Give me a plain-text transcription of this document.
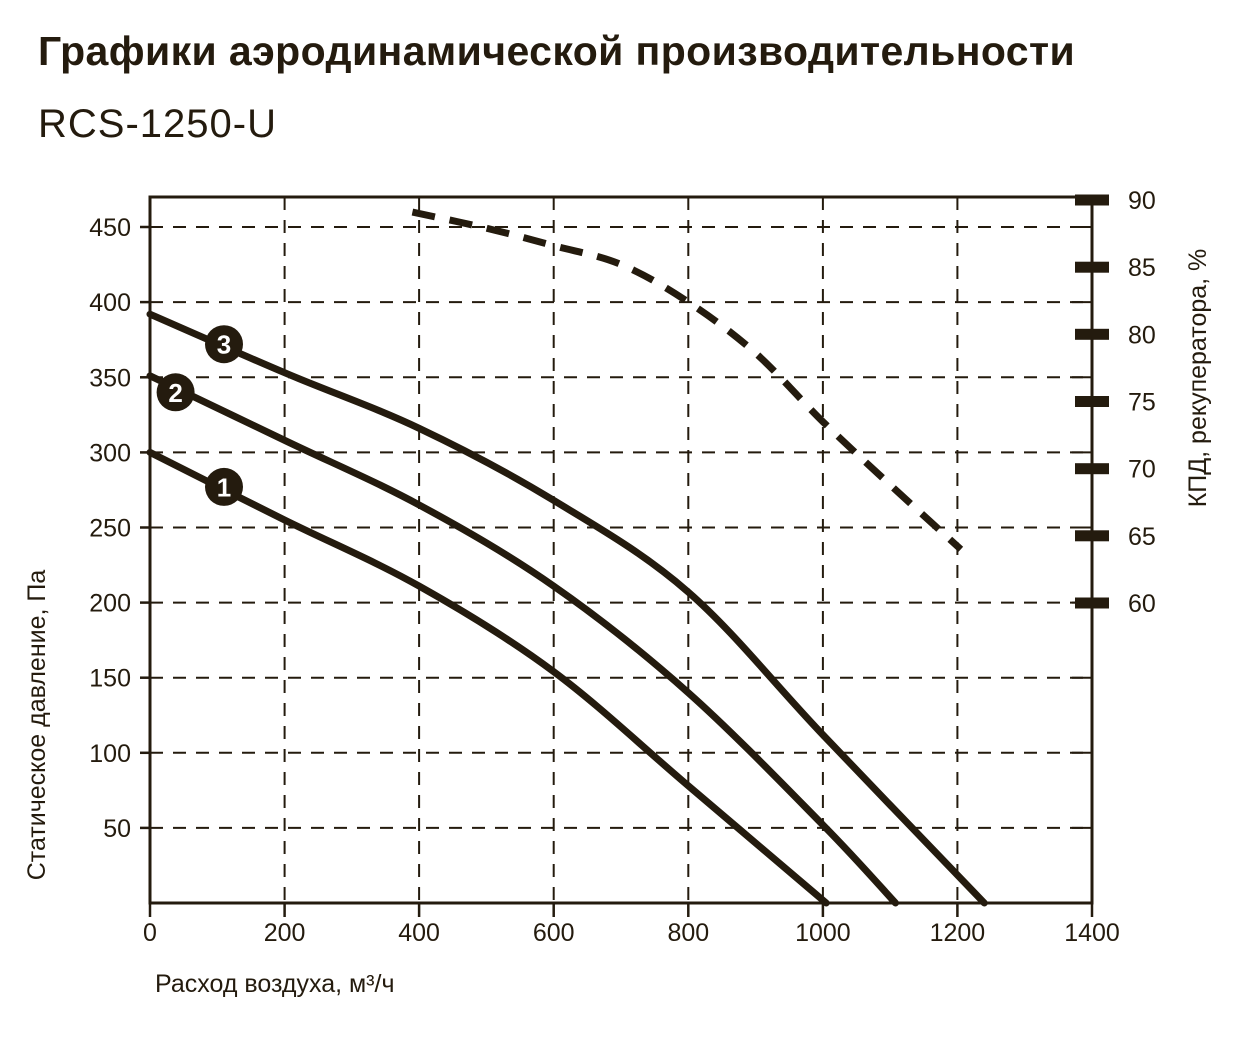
Графики аэродинамической производительности
RCS-1250-U
50
100
150
200
250
300
350
400
450
0	200	400	600	800	1000	1200	1400
60
65
70
75
80
85
90
Расход воздуха, м³/ч
Статическое давление, Па
КПД, рекуператора, %
1
2
3
